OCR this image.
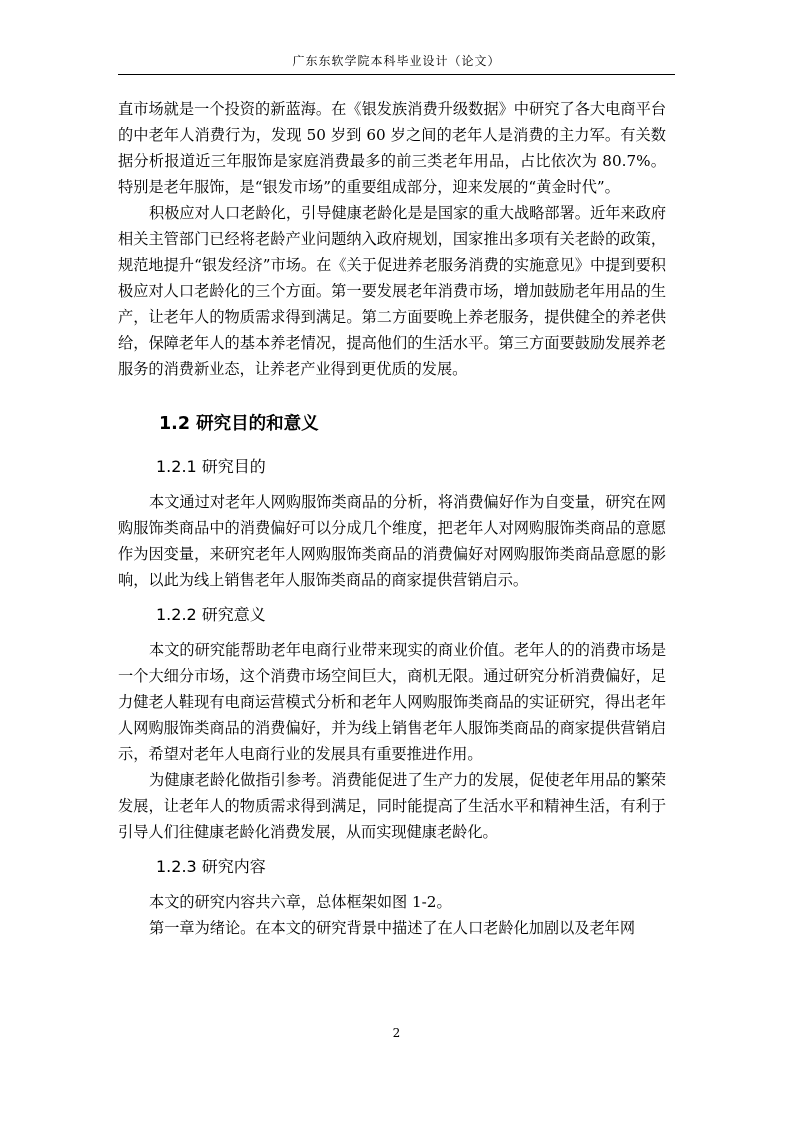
广东东软学院本科毕业设计（论文）

直市场就是一个投资的新蓝海。在《银发族消费升级数据》中研究了各大电商平台的中老年人消费行为，发现 50 岁到 60 岁之间的老年人是消费的主力军。有关数据分析报道近三年服饰是家庭消费最多的前三类老年用品，占比依次为 80.7%。特别是老年服饰，是“银发市场”的重要组成部分，迎来发展的“黄金时代”。

积极应对人口老龄化，引导健康老龄化是是国家的重大战略部署。近年来政府相关主管部门已经将老龄产业问题纳入政府规划，国家推出多项有关老龄的政策，规范地提升“银发经济”市场。在《关于促进养老服务消费的实施意见》中提到要积极应对人口老龄化的三个方面。第一要发展老年消费市场，增加鼓励老年用品的生产，让老年人的物质需求得到满足。第二方面要晚上养老服务，提供健全的养老供给，保障老年人的基本养老情况，提高他们的生活水平。第三方面要鼓励发展养老服务的消费新业态，让养老产业得到更优质的发展。

1.2 研究目的和意义
1.2.1 研究目的

本文通过对老年人网购服饰类商品的分析，将消费偏好作为自变量，研究在网购服饰类商品中的消费偏好可以分成几个维度，把老年人对网购服饰类商品的意愿作为因变量，来研究老年人网购服饰类商品的消费偏好对网购服饰类商品意愿的影响，以此为线上销售老年人服饰类商品的商家提供营销启示。

1.2.2 研究意义

本文的研究能帮助老年电商行业带来现实的商业价值。老年人的的消费市场是一个大细分市场，这个消费市场空间巨大，商机无限。通过研究分析消费偏好，足力健老人鞋现有电商运营模式分析和老年人网购服饰类商品的实证研究，得出老年人网购服饰类商品的消费偏好，并为线上销售老年人服饰类商品的商家提供营销启示，希望对老年人电商行业的发展具有重要推进作用。

为健康老龄化做指引参考。消费能促进了生产力的发展，促使老年用品的繁荣发展，让老年人的物质需求得到满足，同时能提高了生活水平和精神生活，有利于引导人们往健康老龄化消费发展，从而实现健康老龄化。

1.2.3 研究内容

本文的研究内容共六章，总体框架如图 1-2。

第一章为绪论。在本文的研究背景中描述了在人口老龄化加剧以及老年网

2
